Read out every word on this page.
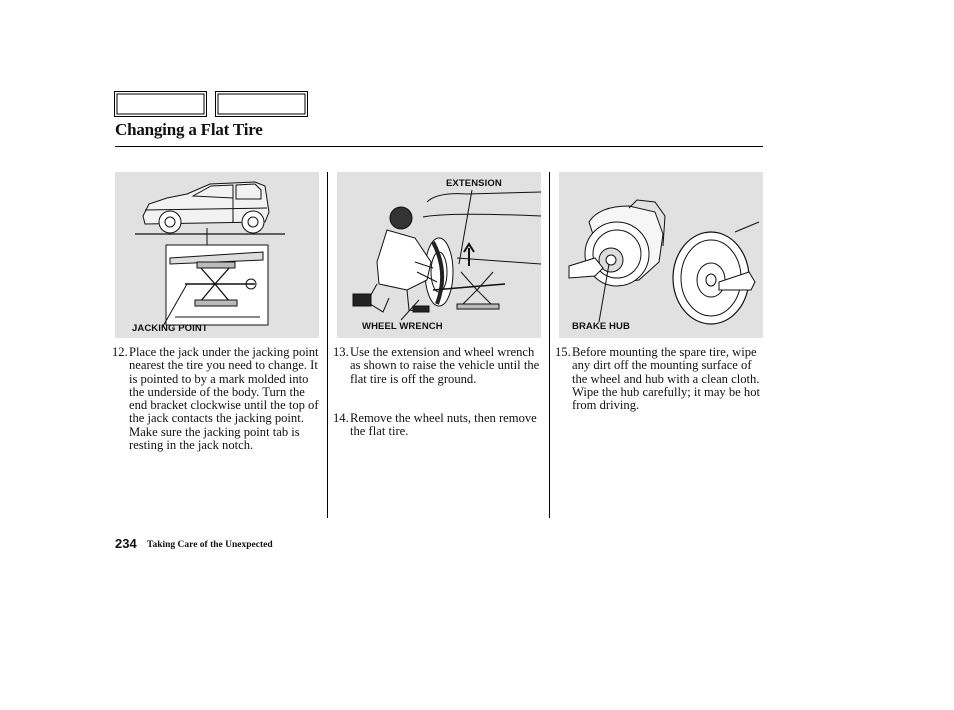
Changing a Flat Tire
JACKING POINT
EXTENSION
WHEEL WRENCH	BRAKE HUB
12. Place the jack under the jacking point nearest the tire you need to change. It is pointed to by a mark molded into the underside of the body. Turn the end bracket clockwise until the top of the jack contacts the jacking point. Make sure the jacking point tab is resting in the jack notch.
13. Use the extension and wheel wrench as shown to raise the vehicle until the flat tire is off the ground.
14. Remove the wheel nuts, then remove the flat tire.
15. Before mounting the spare tire, wipe any dirt off the mounting surface of the wheel and hub with a clean cloth. Wipe the hub carefully; it may be hot from driving.
234 Taking Care of the Unexpected
